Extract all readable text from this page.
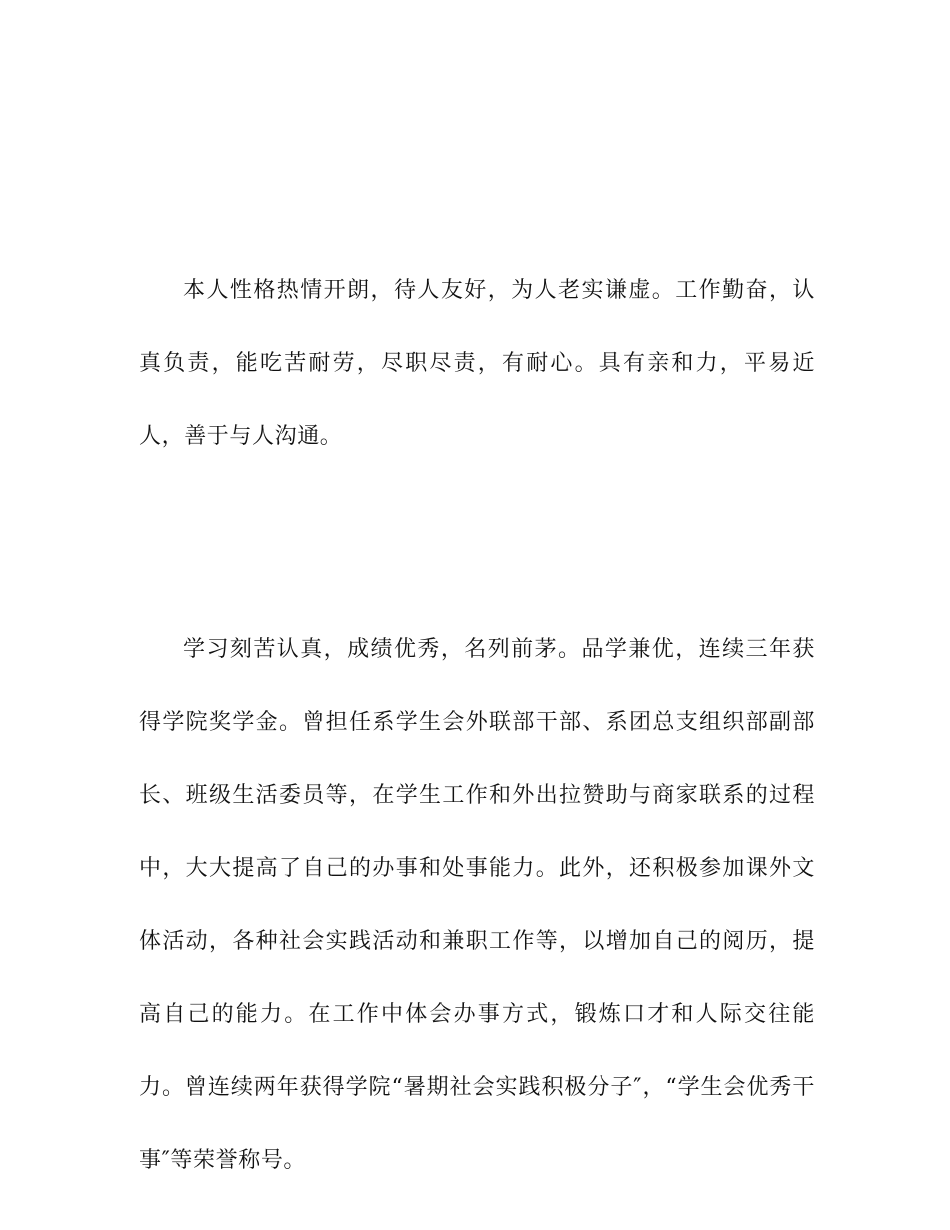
本人性格热情开朗，待人友好，为人老实谦虚。工作勤奋，认真负责，能吃苦耐劳，尽职尽责，有耐心。具有亲和力，平易近人，善于与人沟通。

学习刻苦认真，成绩优秀，名列前茅。品学兼优，连续三年获得学院奖学金。曾担任系学生会外联部干部、系团总支组织部副部长、班级生活委员等，在学生工作和外出拉赞助与商家联系的过程中，大大提高了自己的办事和处事能力。此外，还积极参加课外文体活动，各种社会实践活动和兼职工作等，以增加自己的阅历，提高自己的能力。在工作中体会办事方式，锻炼口才和人际交往能力。曾连续两年获得学院“暑期社会实践积极分子″，“学生会优秀干事″等荣誉称号。
